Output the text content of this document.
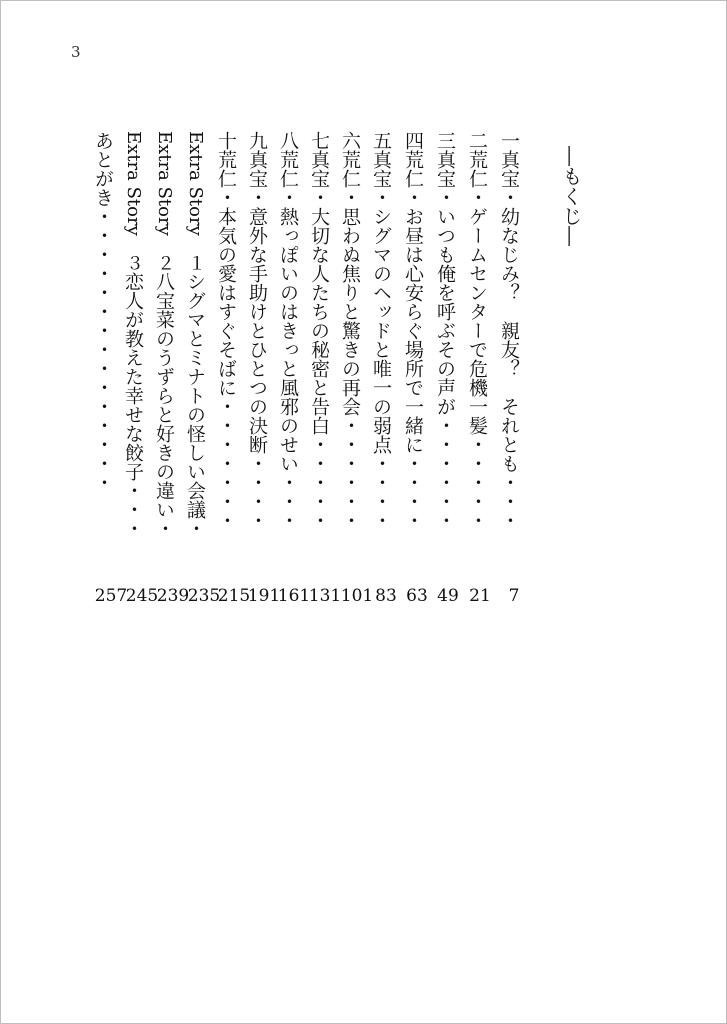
3
―もくじ―
一真宝・幼なじみ？　親友？　それとも・・・
7
二荒仁・ゲームセンターで危機一髪・・・・・
21
三真宝・いつも俺を呼ぶその声が・・・・・・
49
四荒仁・お昼は心安らぐ場所で一緒に・・・・
63
五真宝・シグマのヘッドと唯一の弱点・・・・
83
六荒仁・思わぬ焦りと驚きの再会・・・・・・
101
七真宝・大切な人たちの秘密と告白・・・・・
131
八荒仁・熱っぽいのはきっと風邪のせい・・・
161
九真宝・意外な手助けとひとつの決断・・・・
191
十荒仁・本気の愛はすぐそばに・・・・・・・
215
Extra Story　１シグマとミナトの怪しい会議・
235
Extra Story　２八宝菜のうずらと好きの違い・
239
Extra Story　３恋人が教えた幸せな餃子・・・
245
あとがき・・・・・・・・・・・・・・・
257
